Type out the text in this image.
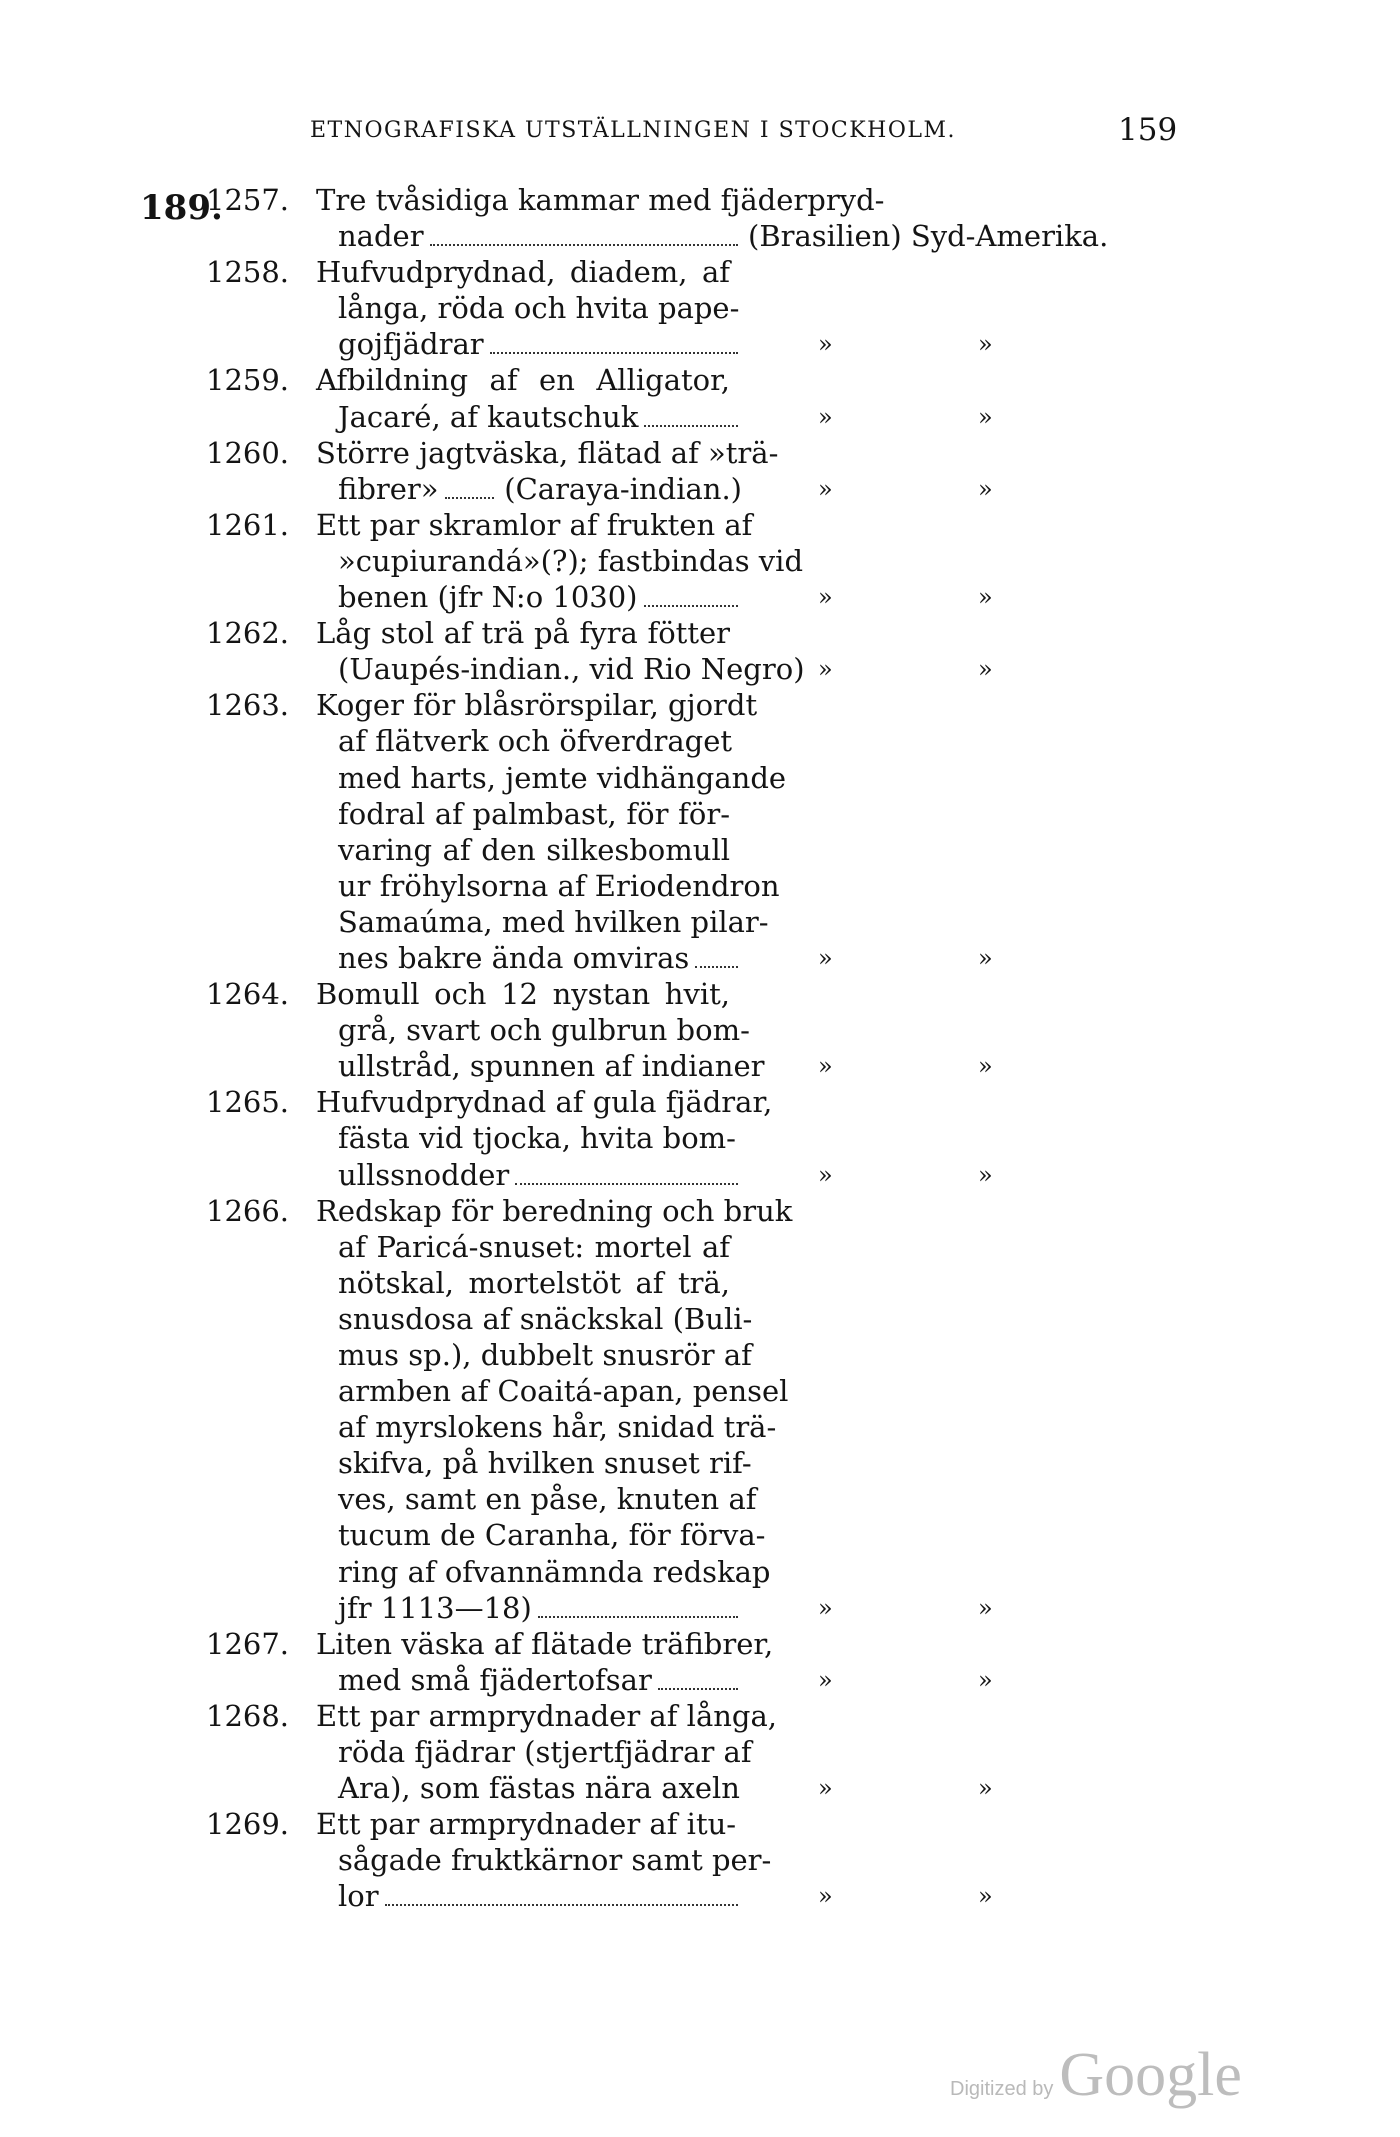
ETNOGRAFISKA UTSTÄLLNINGEN I STOCKHOLM.	159
189.
1257. Tre tvåsidiga kammar med fjäderpryd-
nader	(Brasilien) Syd-Amerika.
1258. Hufvudprydnad, diadem, af
långa, röda och hvita pape-
gojfjädrar	»	»
1259. Afbildning af en Alligator,
Jacaré, af kautschuk	»	»
1260. Större jagtväska, flätad af »trä-
fibrer» (Caraya-indian.)	»	»
1261. Ett par skramlor af frukten af
»cupiurandá»(?); fastbindas vid
benen (jfr N:o 1030)	»	»
1262. Låg stol af trä på fyra fötter
(Uaupés-indian., vid Rio Negro) »	»
1263. Koger för blåsrörspilar, gjordt
af flätverk och öfverdraget
med harts, jemte vidhängande
fodral af palmbast, för för-
varing af den silkesbomull
ur fröhylsorna af Eriodendron
Samaúma, med hvilken pilar-
nes bakre ända omviras	»	»
1264. Bomull och 12 nystan hvit,
grå, svart och gulbrun bom-
ullstråd, spunnen af indianer »	»
1265. Hufvudprydnad af gula fjädrar,
fästa vid tjocka, hvita bom-
ullssnodder	»	»
1266. Redskap för beredning och bruk
af Paricá-snuset: mortel af
nötskal, mortelstöt af trä,
snusdosa af snäckskal (Buli-
mus sp.), dubbelt snusrör af
armben af Coaitá-apan, pensel
af myrslokens hår, snidad trä-
skifva, på hvilken snuset rif-
ves, samt en påse, knuten af
tucum de Caranha, för förva-
ring af ofvannämnda redskap
jfr 1113—18)	»	»
1267. Liten väska af flätade träfibrer,
med små fjädertofsar	»	»
1268. Ett par armprydnader af långa,
röda fjädrar (stjertfjädrar af
Ara), som fästas nära axeln	»	»
1269. Ett par armprydnader af itu-
sågade fruktkärnor samt per-
lor	»	»
Digitized by Google
